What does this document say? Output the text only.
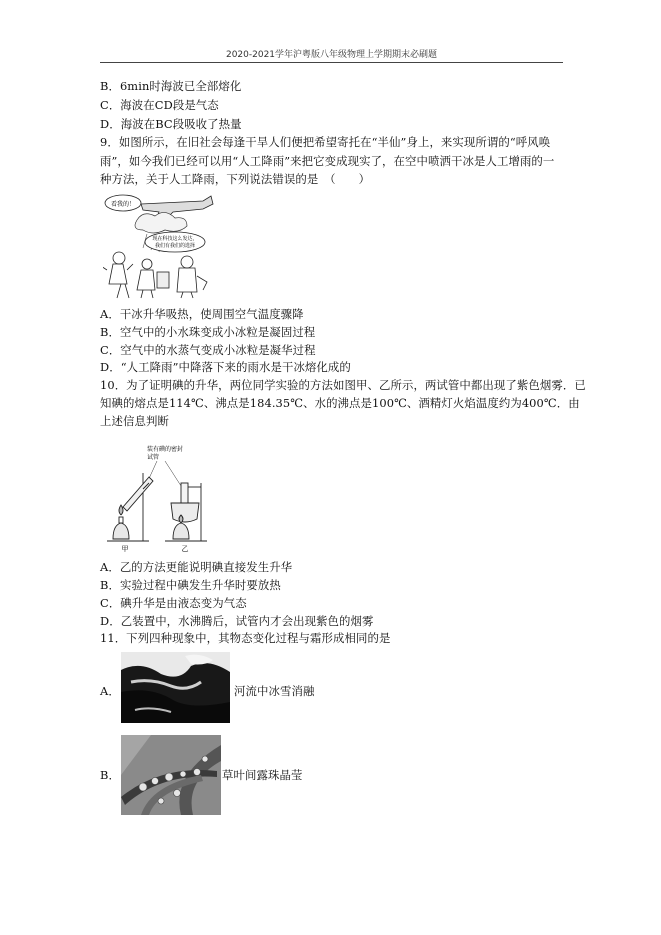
2020-2021学年沪粤版八年级物理上学期期末必刷题
B．6min时海波已全部熔化
C．海波在CD段是气态
D．海波在BC段吸收了热量
9．如图所示，在旧社会每逢干旱人们便把希望寄托在“半仙”身上，来实现所谓的“呼风唤
雨”，如今我们已经可以用“人工降雨”来把它变成现实了，在空中喷洒干冰是人工增雨的一
种方法，关于人工降雨，下列说法错误的是　（　　）
看我的！
现在科技这么发达，
我们有我们的选择
A．干冰升华吸热，使周围空气温度骤降
B．空气中的小水珠变成小冰粒是凝固过程
C．空气中的水蒸气变成小冰粒是凝华过程
D．“人工降雨”中降落下来的雨水是干冰熔化成的
10．为了证明碘的升华，两位同学实验的方法如图甲、乙所示，两试管中都出现了紫色烟雾．已
知碘的熔点是114℃、沸点是184.35℃、水的沸点是100℃、酒精灯火焰温度约为400℃．由
上述信息判断
装有碘的密封
试管
甲	乙
A．乙的方法更能说明碘直接发生升华
B．实验过程中碘发生升华时要放热
C．碘升华是由液态变为气态
D．乙装置中，水沸腾后，试管内才会出现紫色的烟雾
11．下列四种现象中，其物态变化过程与霜形成相同的是
A．	河流中冰雪消融
B．	草叶间露珠晶莹
